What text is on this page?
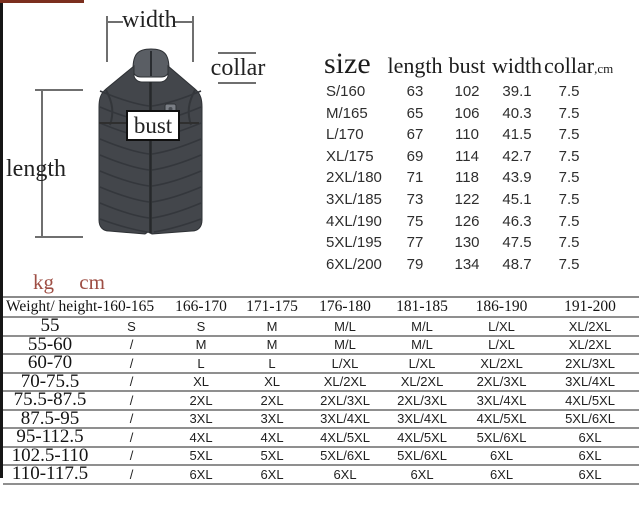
width
collar
length
bust
size	length	bust	width	collar	,cm
S/160	63	102	39.1	7.5	
M/165	65	106	40.3	7.5	
L/170	67	110	41.5	7.5	
XL/175	69	114	42.7	7.5	
2XL/180	71	118	43.9	7.5	
3XL/185	73	122	45.1	7.5	
4XL/190	75	126	46.3	7.5	
5XL/195	77	130	47.5	7.5	
6XL/200	79	134	48.7	7.5	
kg cm
Weight/ height-160-165		166-170	171-175	176-180	181-185	186-190	191-200
55	S	S	M	M/L	M/L	L/XL	XL/2XL
55-60	/	M	M	M/L	M/L	L/XL	XL/2XL
60-70	/	L	L	L/XL	L/XL	XL/2XL	2XL/3XL
70-75.5	/	XL	XL	XL/2XL	XL/2XL	2XL/3XL	3XL/4XL
75.5-87.5	/	2XL	2XL	2XL/3XL	2XL/3XL	3XL/4XL	4XL/5XL
87.5-95	/	3XL	3XL	3XL/4XL	3XL/4XL	4XL/5XL	5XL/6XL
95-112.5	/	4XL	4XL	4XL/5XL	4XL/5XL	5XL/6XL	6XL
102.5-110	/	5XL	5XL	5XL/6XL	5XL/6XL	6XL	6XL
110-117.5	/	6XL	6XL	6XL	6XL	6XL	6XL
